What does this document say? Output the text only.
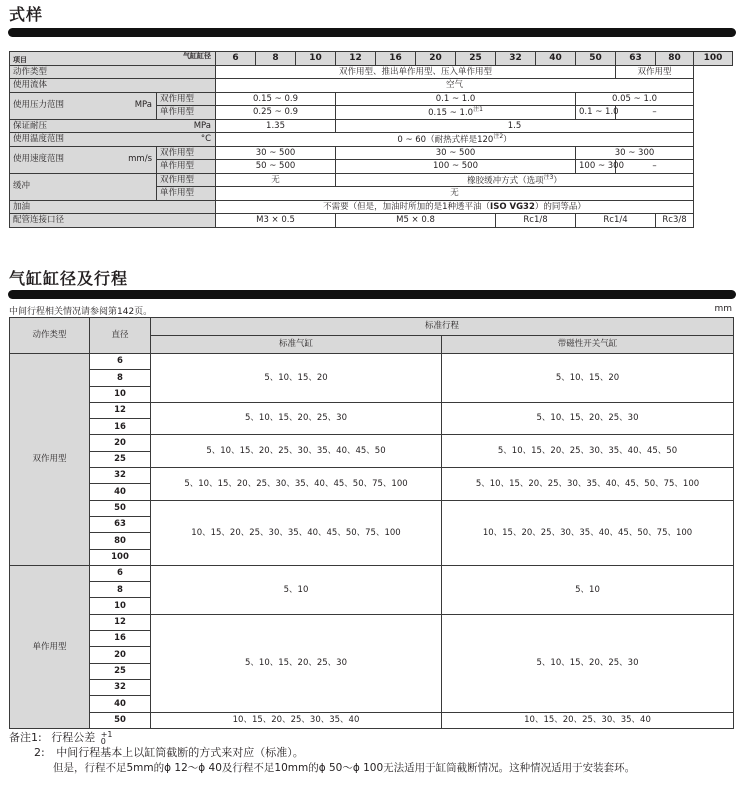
式样
项目 气缸缸径			6	8	10	12	16	20	25	32	40	50	63	80	100
动作类型			双作用型、推出单作用型、压入单作用型										双作用型		
使用流体			空气												
使用压力范围	MPa	双作用型	0.15 ~ 0.9			0.1 ~ 1.0						0.05 ~ 1.0			
		单作用型	0.25 ~ 0.9			0.15 ~ 1.0$^{注1}$						0.1 ~ 1.0	–		
保证耐压		MPa	1.35			1.5									
使用温度范围		°C	0 ~ 60（耐热式样是120$^{注2}$）												
使用速度范围	mm/s	双作用型	30 ~ 500			30 ~ 500						30 ~ 300			
		单作用型	50 ~ 500			100 ~ 500						100 ~ 300	–		
缓冲		双作用型	无			橡胶缓冲方式（选项$^{注3}$）									
		单作用型	无												
加油			不需要（但是，加油时所加的是1种透平油（ISO VG32）的同等品）												
配管连接口径			M3 × 0.5			M5 × 0.8				Rc1/8		Rc1/4		Rc3/8	
气缸缸径及行程
中间行程相关情况请参阅第142页。	mm
动作类型	直径	标准行程	
		标准气缸	带磁性开关气缸
双作用型	6	5、10、15、20	5、10、15、20
	8		
	10		
	12	5、10、15、20、25、30	5、10、15、20、25、30
	16		
	20	5、10、15、20、25、30、35、40、45、50	5、10、15、20、25、30、35、40、45、50
	25		
	32	5、10、15、20、25、30、35、40、45、50、75、100	5、10、15、20、25、30、35、40、45、50、75、100
	40		
	50	10、15、20、25、30、35、40、45、50、75、100	10、15、20、25、30、35、40、45、50、75、100
	63		
	80		
	100		
单作用型	6	5、10	5、10
	8		
	10		
	12	5、10、15、20、25、30	5、10、15、20、25、30
	16		
	20		
	25		
	32		
	40		
	50	10、15、20、25、30、35、40	10、15、20、25、30、35、40
备注1: 行程公差 +1
0
2: 中间行程基本上以缸筒截断的方式来对应（标准）。
但是，行程不足5mm的ϕ 12～ϕ 40及行程不足10mm的ϕ 50～ϕ 100无法适用于缸筒截断情况。这种情况适用于安装套环。
